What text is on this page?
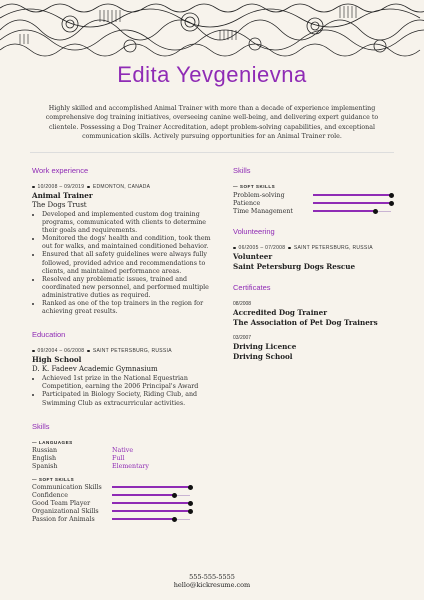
Edita Yevgenievna
Highly skilled and accomplished Animal Trainer with more than a decade of experience implementing comprehensive dog training initiatives, overseeing canine well-being, and delivering expert guidance to clientele. Possessing a Dog Trainer Accreditation, adept problem-solving capabilities, and exceptional communication skills. Actively pursuing opportunities for an Animal Trainer role.
Work experience
10/2008 – 09/2019 EDMONTON, CANADA
Animal Trainer
The Dogs Trust
• Developed and implemented custom dog training programs, communicated with clients to determine their goals and requirements.
• Monitored the dogs' health and condition, took them out for walks, and maintained conditioned behavior.
• Ensured that all safety guidelines were always fully followed, provided advice and recommendations to clients, and maintained performance areas.
• Resolved any problematic issues, trained and coordinated new personnel, and performed multiple administrative duties as required.
• Ranked as one of the top trainers in the region for achieving great results.
Education
09/2004 – 06/2008 SAINT PETERSBURG, RUSSIA
High School
D. K. Fadeev Academic Gymnasium
• Achieved 1st prize in the National Equestrian Competition, earning the 2006 Principal's Award
• Participated in Biology Society, Riding Club, and Swimming Club as extracurricular activities.
Skills
— LANGUAGES
Russian	Native
English	Full
Spanish	Elementary
— SOFT SKILLS
Communication Skills
Confidence
Good Team Player
Organizational Skills
Passion for Animals
Skills
— SOFT SKILLS
Problem-solving
Patience
Time Management
Volunteering
06/2005 – 07/2008 SAINT PETERSBURG, RUSSIA
Volunteer
Saint Petersburg Dogs Rescue
Certificates
08/2008
Accredited Dog Trainer
The Association of Pet Dog Trainers
03/2007
Driving Licence
Driving School
555-555-5555
hello@kickresume.com
